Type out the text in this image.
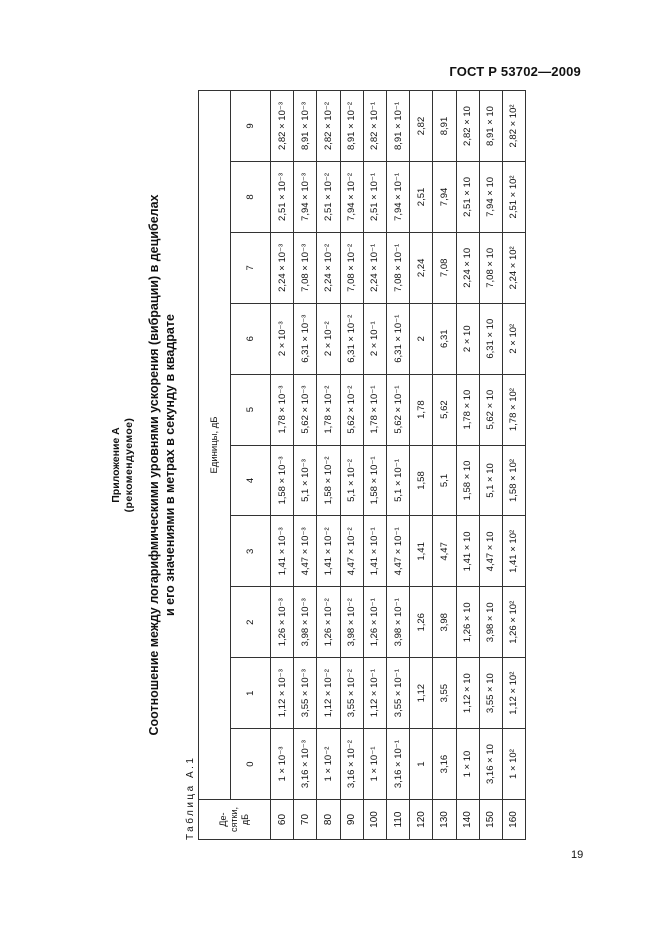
ГОСТ Р 53702—2009
Приложение А (рекомендуемое) Соотношение между логарифмическими уровнями ускорения (вибрации) в децибелах и его значениями в метрах в секунду в квадрате
Таблица А.1 Де-сятки, дБ	Единицы, дБ									
	0	1	2	3	4	5	6	7	8	9
60	1 × 10⁻³	1,12 × 10⁻³	1,26 × 10⁻³	1,41 × 10⁻³	1,58 × 10⁻³	1,78 × 10⁻³	2 × 10⁻³	2,24 × 10⁻³	2,51 × 10⁻³	2,82 × 10⁻³
70	3,16 × 10⁻³	3,55 × 10⁻³	3,98 × 10⁻³	4,47 × 10⁻³	5,1 × 10⁻³	5,62 × 10⁻³	6,31 × 10⁻³	7,08 × 10⁻³	7,94 × 10⁻³	8,91 × 10⁻³
80	1 × 10⁻²	1,12 × 10⁻²	1,26 × 10⁻²	1,41 × 10⁻²	1,58 × 10⁻²	1,78 × 10⁻²	2 × 10⁻²	2,24 × 10⁻²	2,51 × 10⁻²	2,82 × 10⁻²
90	3,16 × 10⁻²	3,55 × 10⁻²	3,98 × 10⁻²	4,47 × 10⁻²	5,1 × 10⁻²	5,62 × 10⁻²	6,31 × 10⁻²	7,08 × 10⁻²	7,94 × 10⁻²	8,91 × 10⁻²
100	1 × 10⁻¹	1,12 × 10⁻¹	1,26 × 10⁻¹	1,41 × 10⁻¹	1,58 × 10⁻¹	1,78 × 10⁻¹	2 × 10⁻¹	2,24 × 10⁻¹	2,51 × 10⁻¹	2,82 × 10⁻¹
110	3,16 × 10⁻¹	3,55 × 10⁻¹	3,98 × 10⁻¹	4,47 × 10⁻¹	5,1 × 10⁻¹	5,62 × 10⁻¹	6,31 × 10⁻¹	7,08 × 10⁻¹	7,94 × 10⁻¹	8,91 × 10⁻¹
120	1	1,12	1,26	1,41	1,58	1,78	2	2,24	2,51	2,82
130	3,16	3,55	3,98	4,47	5,1	5,62	6,31	7,08	7,94	8,91
140	1 × 10	1,12 × 10	1,26 × 10	1,41 × 10	1,58 × 10	1,78 × 10	2 × 10	2,24 × 10	2,51 × 10	2,82 × 10
150	3,16 × 10	3,55 × 10	3,98 × 10	4,47 × 10	5,1 × 10	5,62 × 10	6,31 × 10	7,08 × 10	7,94 × 10	8,91 × 10
160	1 × 10²	1,12 × 10²	1,26 × 10²	1,41 × 10²	1,58 × 10²	1,78 × 10²	2 × 10²	2,24 × 10²	2,51 × 10²	2,82 × 10²
19
